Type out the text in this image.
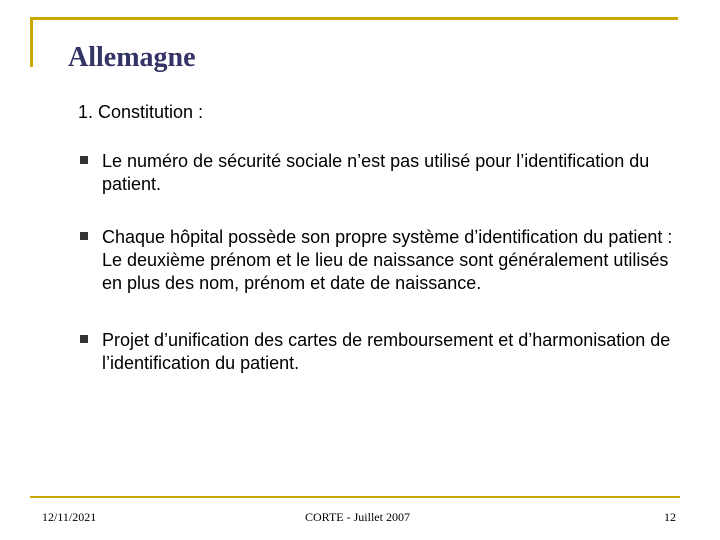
Allemagne
1. Constitution :
Le numéro de sécurité sociale n’est pas utilisé pour l’identification du patient.
Chaque hôpital possède son propre système d’identification du patient : Le deuxième prénom et le lieu de naissance sont généralement utilisés en plus des nom, prénom et date de naissance.
Projet d’unification des cartes de remboursement et d’harmonisation de l’identification du patient.
12/11/2021	CORTE - Juillet 2007	12
